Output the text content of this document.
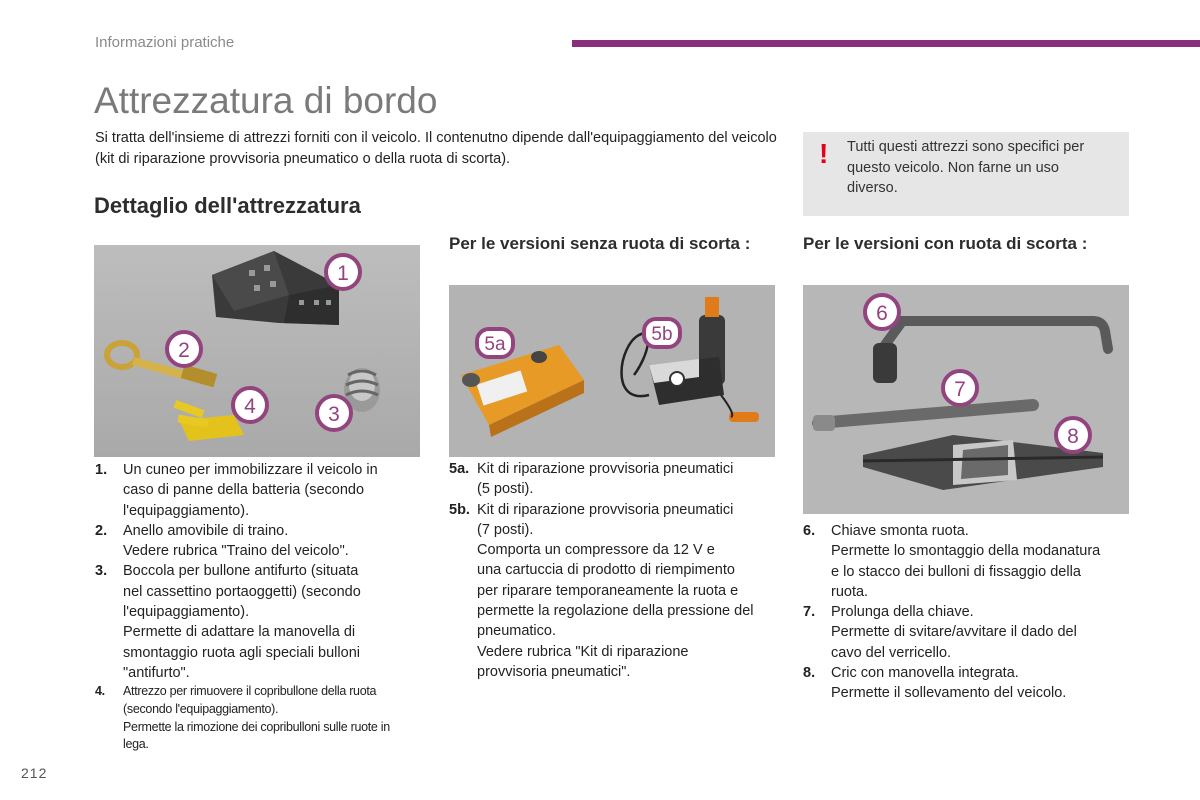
Informazioni pratiche
Attrezzatura di bordo

Si tratta dell'insieme di attrezzi forniti con il veicolo. Il contenutno dipende dall'equipaggiamento del veicolo (kit di riparazione provvisoria pneumatico o della ruota di scorta).	! Tutti questi attrezzi sono specifici per questo veicolo. Non farne un uso diverso.
Dettaglio dell'attrezzatura
Per le versioni senza ruota di scorta :	Per le versioni con ruota di scorta :
1
2
3
4
5a	5b
6
7
8
1. Un cuneo per immobilizzare il veicolo in
caso di panne della batteria (secondo
l'equipaggiamento).
2. Anello amovibile di traino.
Vedere rubrica "Traino del veicolo".
3. Boccola per bullone antifurto (situata
nel cassettino portaoggetti) (secondo
l'equipaggiamento).
Permette di adattare la manovella di
smontaggio ruota agli speciali bulloni
"antifurto".
4. Attrezzo per rimuovere il copribullone della ruota
(secondo l'equipaggiamento).
Permette la rimozione dei copribulloni sulle ruote in
lega.
5a. Kit di riparazione provvisoria pneumatici
(5 posti).
5b. Kit di riparazione provvisoria pneumatici
(7 posti).
Comporta un compressore da 12 V e
una cartuccia di prodotto di riempimento
per riparare temporaneamente la ruota e
permette la regolazione della pressione del
pneumatico.
Vedere rubrica "Kit di riparazione
provvisoria pneumatici".
6. Chiave smonta ruota.
Permette lo smontaggio della modanatura
e lo stacco dei bulloni di fissaggio della
ruota.
7. Prolunga della chiave.
Permette di svitare/avvitare il dado del
cavo del verricello.
8. Cric con manovella integrata.
Permette il sollevamento del veicolo.
212
